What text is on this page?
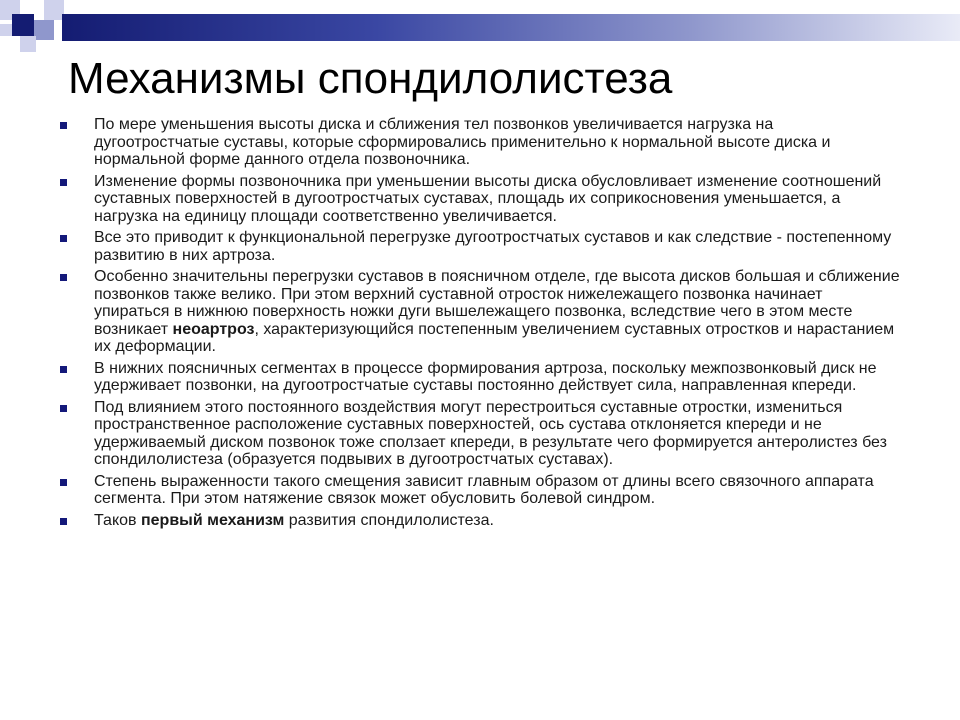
Механизмы спондилолистеза
По мере уменьшения высоты диска и сближения тел позвонков увеличивается нагрузка на дугоотростчатые суставы, которые сформировались применительно к нормальной высоте диска и нормальной форме данного отдела позвоночника.
Изменение формы позвоночника при уменьшении высоты диска обусловливает изменение соотношений суставных поверхностей в дугоотростчатых суставах, площадь их соприкосновения уменьшается, а нагрузка на единицу площади соответственно увеличивается.
Все это приводит к функциональной перегрузке дугоотростчатых суставов и как следствие - постепенному развитию в них артроза.
Особенно значительны перегрузки суставов в поясничном отделе, где высота дисков большая и сближение позвонков также велико. При этом верхний суставной отросток нижележащего позвонка начинает упираться в нижнюю поверхность ножки дуги вышележащего позвонка, вследствие чего в этом месте возникает неоартроз, характеризующийся постепенным увеличением суставных отростков и нарастанием их деформации.
В нижних поясничных сегментах в процессе формирования артроза, поскольку межпозвонковый диск не удерживает позвонки, на дугоотростчатые суставы постоянно действует сила, направленная кпереди.
Под влиянием этого постоянного воздействия могут перестроиться суставные отростки, измениться пространственное расположение суставных поверхностей, ось сустава отклоняется кпереди и не удерживаемый диском позвонок тоже сползает кпереди, в результате чего формируется антеролистез без спондилолистеза (образуется подвывих в дугоотростчатых суставах).
Степень выраженности такого смещения зависит главным образом от длины всего связочного аппарата сегмента. При этом натяжение связок может обусловить болевой синдром.
Таков первый механизм развития спондилолистеза.
